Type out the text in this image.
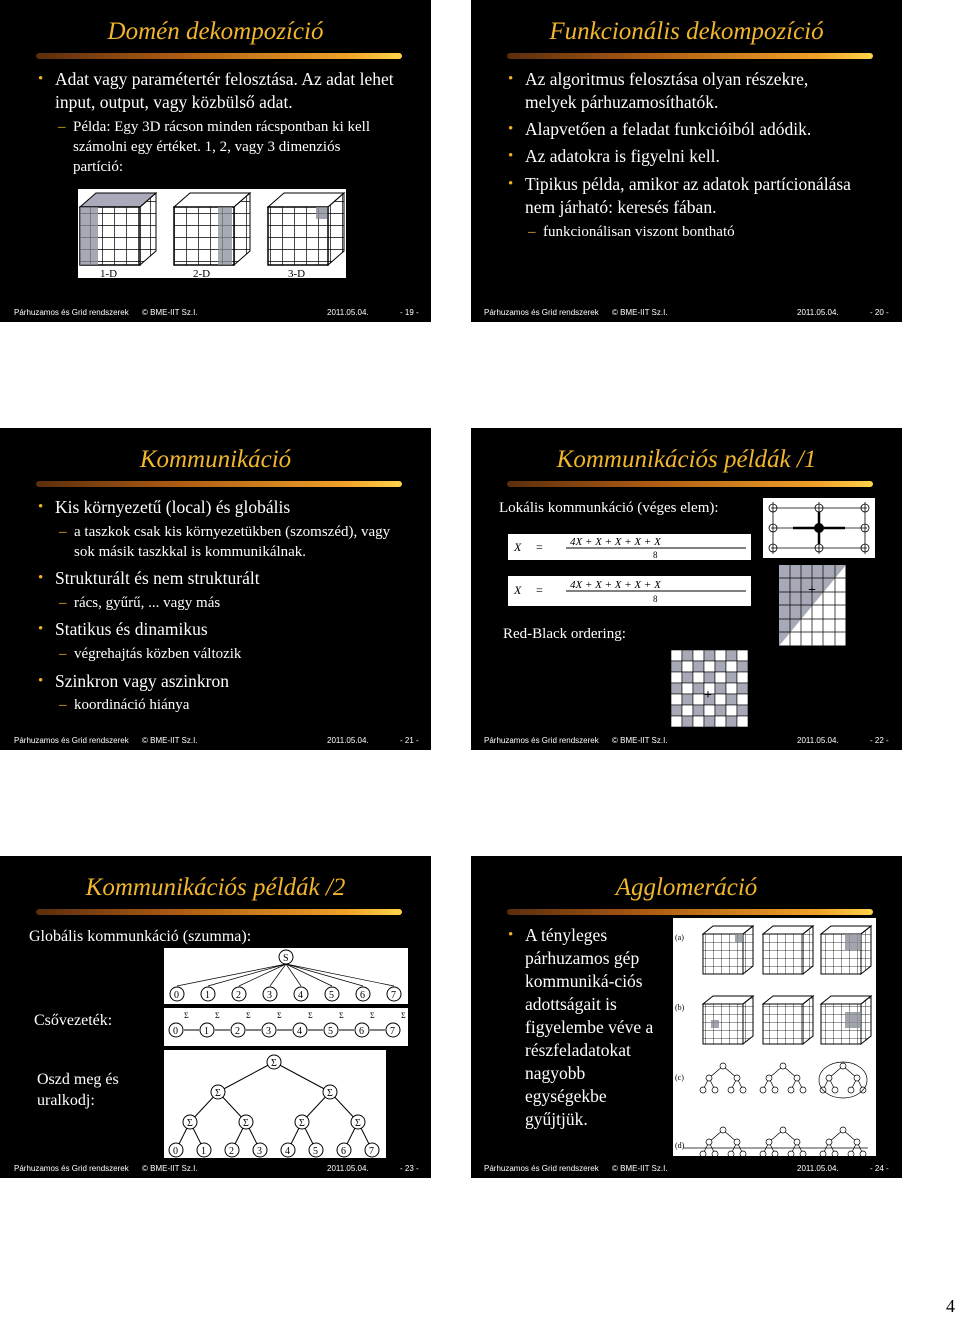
Domén dekompozíció
• Adat vagy paramétertér felosztása. Az adat lehet input, output, vagy közbülső adat.
– Példa: Egy 3D rácson minden rácspontban ki kell számolni egy értéket. 1, 2, vagy 3 dimenziós partíció:
1-D	2-D	3-D
Párhuzamos és Grid rendszerek © BME-IIT Sz.I.	2011.05.04.	- 19 -
Funkcionális dekompozíció
• Az algoritmus felosztása olyan részekre, melyek párhuzamosíthatók.
• Alapvetően a feladat funkcióiból adódik.
• Az adatokra is figyelni kell.
• Tipikus példa, amikor az adatok partícionálása nem járható: keresés fában.
– funkcionálisan viszont bontható
Párhuzamos és Grid rendszerek © BME-IIT Sz.I.	2011.05.04.	- 20 -
Kommunikáció
• Kis környezetű (local) és globális
– a taszkok csak kis környezetükben (szomszéd), vagy sok másik taszkkal is kommunikálnak.
• Strukturált és nem strukturált
– rács, gyűrű, ... vagy más
• Statikus és dinamikus
– végrehajtás közben változik
• Szinkron vagy aszinkron
– koordináció hiánya
Párhuzamos és Grid rendszerek © BME-IIT Sz.I.	2011.05.04.	- 21 -
Kommunikációs példák /1
Lokális kommunkáció (véges elem):
X = 4X + X + X + X + X
8
X = 4X + X + X + X + X
8
Red-Black ordering:
+
+
Párhuzamos és Grid rendszerek © BME-IIT Sz.I.	2011.05.04.	- 22 -
Kommunikációs példák /2
Globális kommunkáció (szumma):
Csővezeték:
Oszd meg és uralkodj:
S
0	1	2	3	4	5	6	7
0
Σ
1
Σ
2
Σ
3
Σ
4
Σ
5
Σ
6
Σ
7
Σ
Σ
Σ	Σ
Σ	Σ	Σ	Σ
0 1 2 3 4 5 6 7
Párhuzamos és Grid rendszerek © BME-IIT Sz.I.	2011.05.04.	- 23 -
Agglomeráció
• A tényleges párhuzamos gép kommuniká-ciós adottságait is figyelembe véve a részfeladatokat nagyobb egységekbe gyűjtjük.
(a)
(b)
(c)
(d)
Párhuzamos és Grid rendszerek © BME-IIT Sz.I.	2011.05.04.	- 24 -
4
